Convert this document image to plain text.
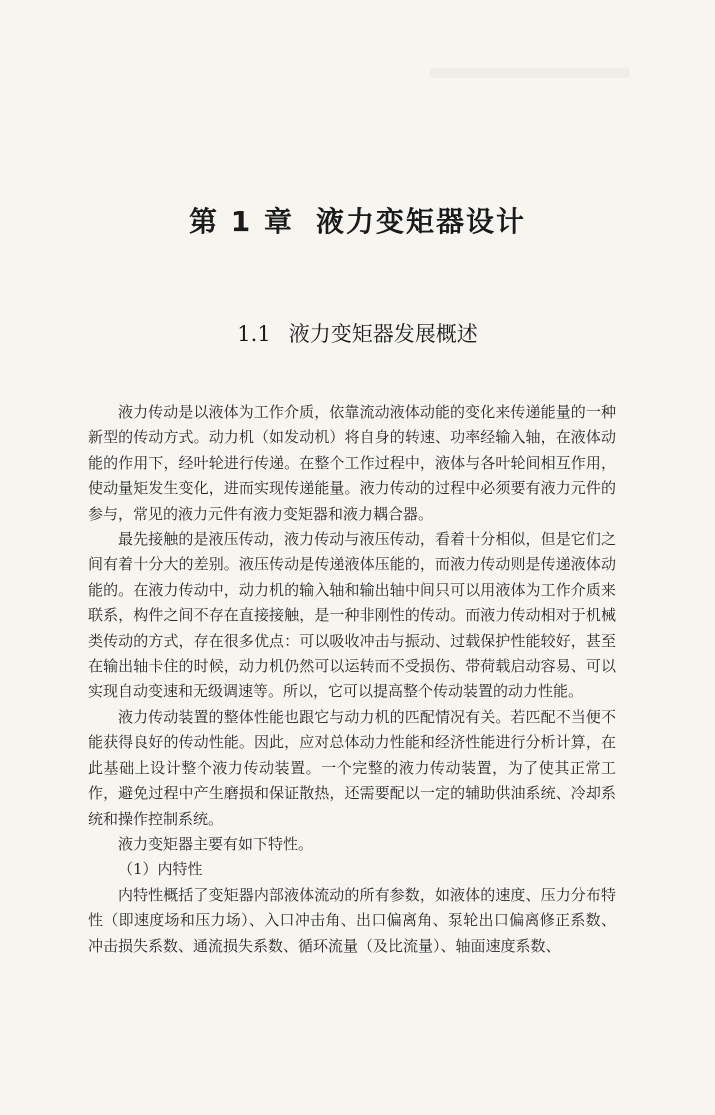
第 1 章 液力变矩器设计
1.1 液力变矩器发展概述

液力传动是以液体为工作介质，依靠流动液体动能的变化来传递能量的一种新型的传动方式。动力机（如发动机）将自身的转速、功率经输入轴，在液体动能的作用下，经叶轮进行传递。在整个工作过程中，液体与各叶轮间相互作用，使动量矩发生变化，进而实现传递能量。液力传动的过程中必须要有液力元件的参与，常见的液力元件有液力变矩器和液力耦合器。

最先接触的是液压传动，液力传动与液压传动，看着十分相似，但是它们之间有着十分大的差别。液压传动是传递液体压能的，而液力传动则是传递液体动能的。在液力传动中，动力机的输入轴和输出轴中间只可以用液体为工作介质来联系，构件之间不存在直接接触，是一种非刚性的传动。而液力传动相对于机械类传动的方式，存在很多优点：可以吸收冲击与振动、过载保护性能较好，甚至在输出轴卡住的时候，动力机仍然可以运转而不受损伤、带荷载启动容易、可以实现自动变速和无级调速等。所以，它可以提高整个传动装置的动力性能。

液力传动装置的整体性能也跟它与动力机的匹配情况有关。若匹配不当便不能获得良好的传动性能。因此，应对总体动力性能和经济性能进行分析计算，在此基础上设计整个液力传动装置。一个完整的液力传动装置，为了使其正常工作，避免过程中产生磨损和保证散热，还需要配以一定的辅助供油系统、冷却系统和操作控制系统。

液力变矩器主要有如下特性。

（1）内特性

内特性概括了变矩器内部液体流动的所有参数，如液体的速度、压力分布特性（即速度场和压力场）、入口冲击角、出口偏离角、泵轮出口偏离修正系数、冲击损失系数、通流损失系数、循环流量（及比流量）、轴面速度系数、
